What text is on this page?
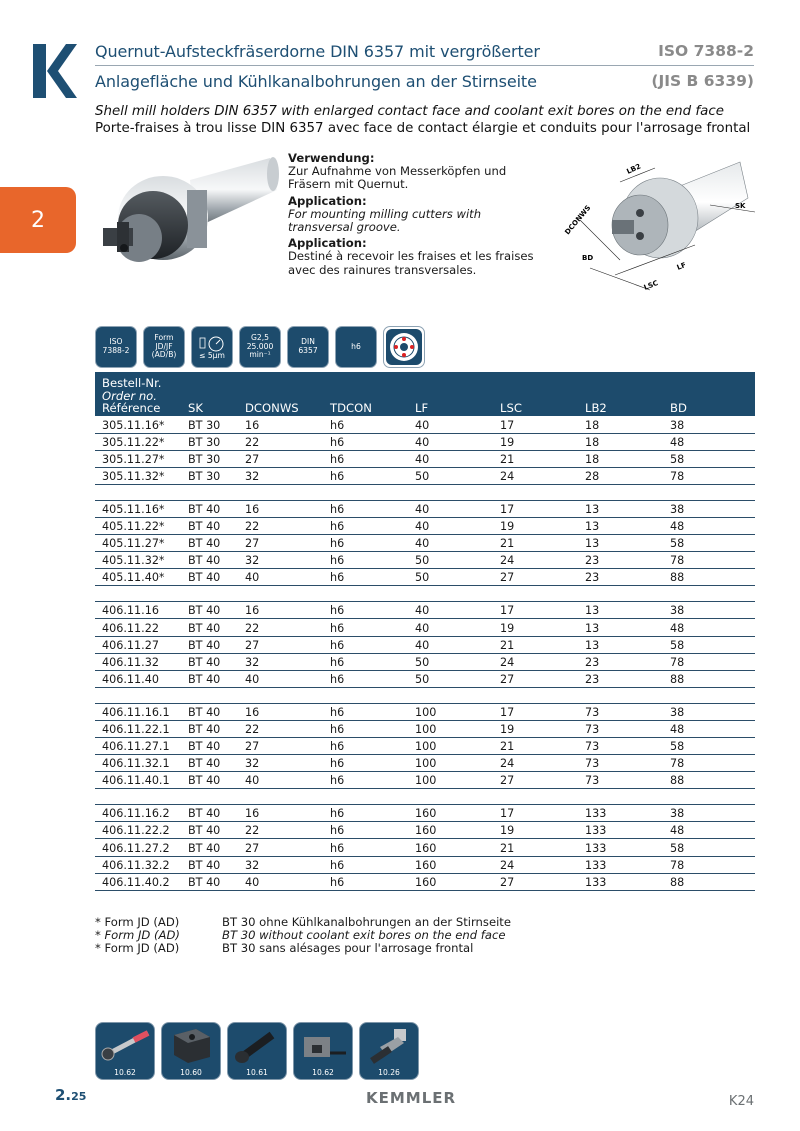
Quernut-Aufsteckfräserdorne DIN 6357 mit vergrößerter
Anlagefläche und Kühlkanalbohrungen an der Stirnseite
ISO 7388-2
(JIS B 6339)
Shell mill holders DIN 6357 with enlarged contact face and coolant exit bores on the end face
Porte-fraises à trou lisse DIN 6357 avec face de contact élargie et conduits pour l'arrosage frontal
2
Verwendung:
Zur Aufnahme von Messerköpfen und Fräsern mit Quernut.
Application:
For mounting milling cutters with transversal groove.
Application:
Destiné à recevoir les fraises et les fraises avec des rainures transversales.
LB2
DCONWS	SK
BD
LF
LSC
ISO
7388-2
Form
JD/JF
(AD/B)	≤ 5µm
G2,5
25.000
min⁻¹
DIN
6357	h6
Bestell-Nr.
Order no.
Référence	SK	DCONWS	TDCON	LF	LSC	LB2	BD
305.11.16*	BT 30	16	h6	40	17	18	38
305.11.22*	BT 30	22	h6	40	19	18	48
305.11.27*	BT 30	27	h6	40	21	18	58
305.11.32*	BT 30	32	h6	50	24	28	78

405.11.16*	BT 40	16	h6	40	17	13	38
405.11.22*	BT 40	22	h6	40	19	13	48
405.11.27*	BT 40	27	h6	40	21	13	58
405.11.32*	BT 40	32	h6	50	24	23	78
405.11.40*	BT 40	40	h6	50	27	23	88

406.11.16	BT 40	16	h6	40	17	13	38
406.11.22	BT 40	22	h6	40	19	13	48
406.11.27	BT 40	27	h6	40	21	13	58
406.11.32	BT 40	32	h6	50	24	23	78
406.11.40	BT 40	40	h6	50	27	23	88

406.11.16.1	BT 40	16	h6	100	17	73	38
406.11.22.1	BT 40	22	h6	100	19	73	48
406.11.27.1	BT 40	27	h6	100	21	73	58
406.11.32.1	BT 40	32	h6	100	24	73	78
406.11.40.1	BT 40	40	h6	100	27	73	88

406.11.16.2	BT 40	16	h6	160	17	133	38
406.11.22.2	BT 40	22	h6	160	19	133	48
406.11.27.2	BT 40	27	h6	160	21	133	58
406.11.32.2	BT 40	32	h6	160	24	133	78
406.11.40.2	BT 40	40	h6	160	27	133	88
* Form JD (AD)	BT 30 ohne Kühlkanalbohrungen an der Stirnseite
* Form JD (AD)	BT 30 without coolant exit bores on the end face
* Form JD (AD)	BT 30 sans alésages pour l'arrosage frontal
10.62	10.60	10.61	10.62	10.26
2.25	KEMMLER	K24
